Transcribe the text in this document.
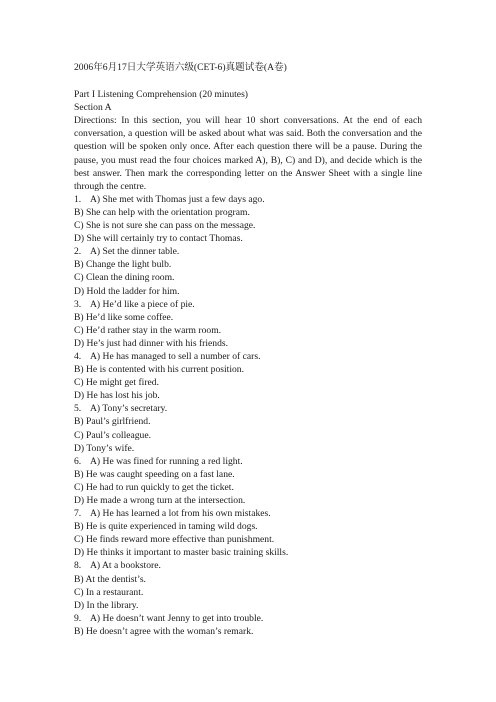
2006年6月17日大学英语六级(CET-6)真题试卷(A卷)
Part I Listening Comprehension (20 minutes)
Section A
Directions: In this section, you will hear 10 short conversations. At the end of each conversation, a question will be asked about what was said. Both the conversation and the question will be spoken only once. After each question there will be a pause. During the pause, you must read the four choices marked A), B), C) and D), and decide which is the best answer. Then mark the corresponding letter on the Answer Sheet with a single line through the centre.
1. A) She met with Thomas just a few days ago.
B) She can help with the orientation program.
C) She is not sure she can pass on the message.
D) She will certainly try to contact Thomas.
2. A) Set the dinner table.
B) Change the light bulb.
C) Clean the dining room.
D) Hold the ladder for him.
3. A) He’d like a piece of pie.
B) He’d like some coffee.
C) He’d rather stay in the warm room.
D) He’s just had dinner with his friends.
4. A) He has managed to sell a number of cars.
B) He is contented with his current position.
C) He might get fired.
D) He has lost his job.
5. A) Tony’s secretary.
B) Paul’s girlfriend.
C) Paul’s colleague.
D) Tony’s wife.
6. A) He was fined for running a red light.
B) He was caught speeding on a fast lane.
C) He had to run quickly to get the ticket.
D) He made a wrong turn at the intersection.
7. A) He has learned a lot from his own mistakes.
B) He is quite experienced in taming wild dogs.
C) He finds reward more effective than punishment.
D) He thinks it important to master basic training skills.
8. A) At a bookstore.
B) At the dentist’s.
C) In a restaurant.
D) In the library.
9. A) He doesn’t want Jenny to get into trouble.
B) He doesn’t agree with the woman’s remark.
